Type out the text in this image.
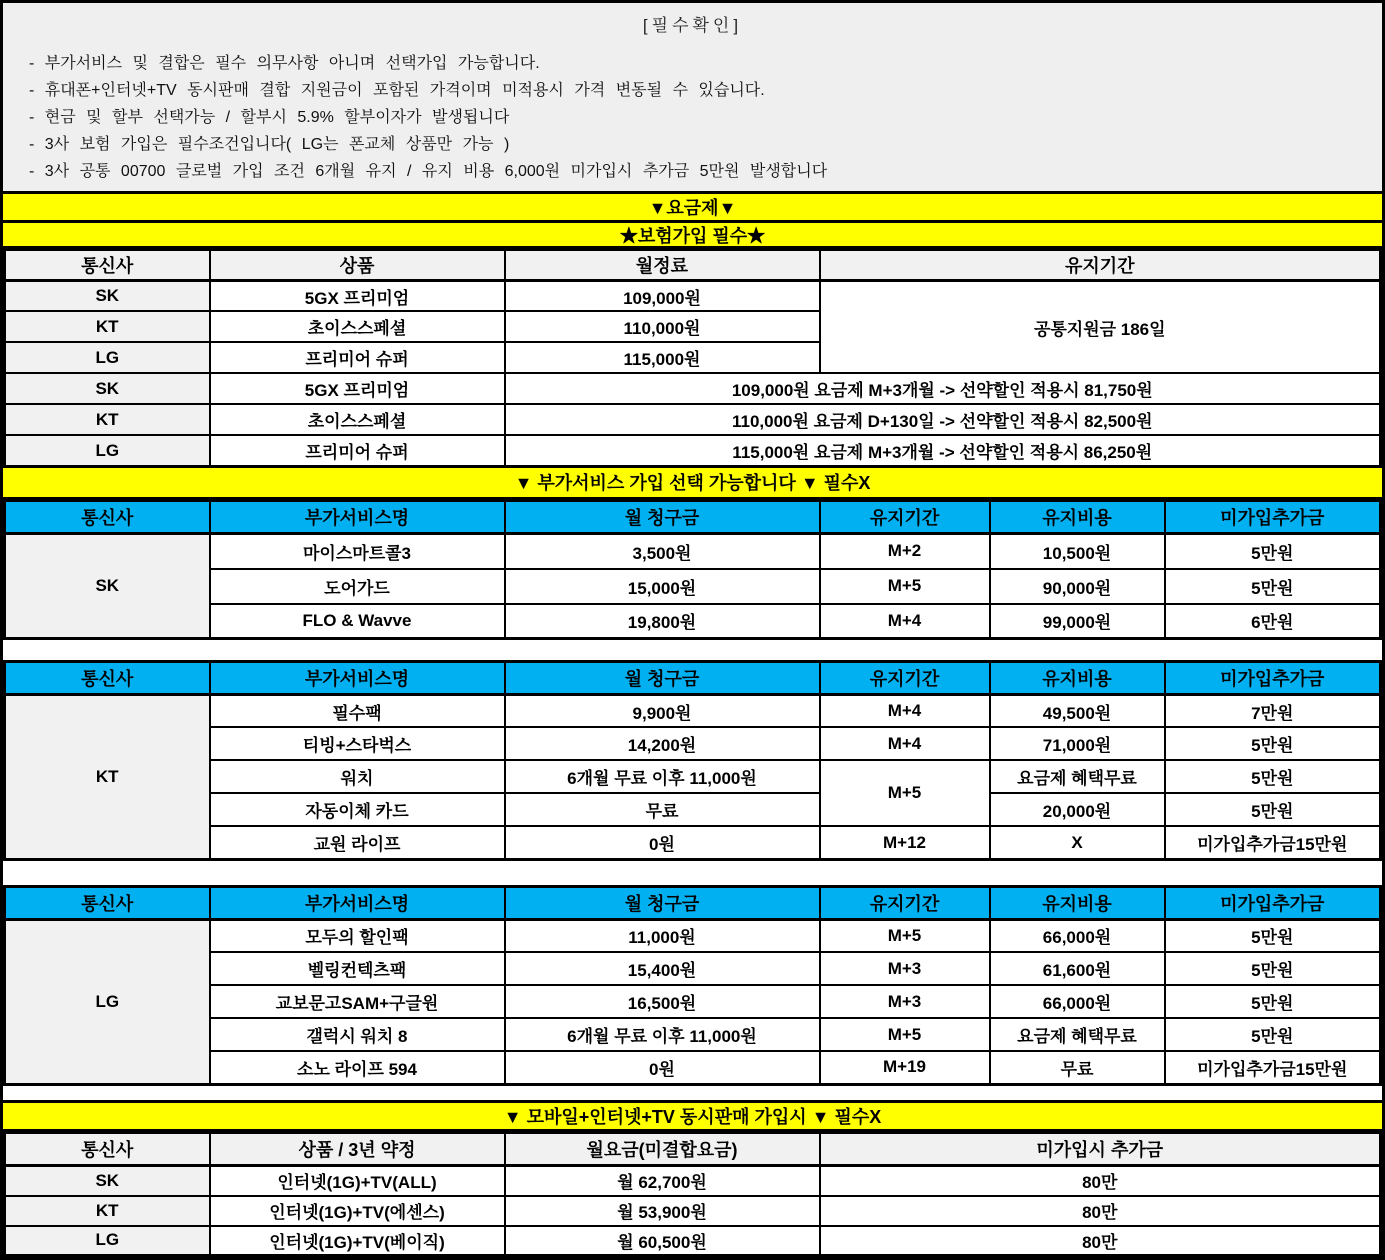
[필수확인]
- 부가서비스 및 결합은 필수 의무사항 아니며 선택가입 가능합니다.
- 휴대폰+인터넷+TV 동시판매 결합 지원금이 포함된 가격이며 미적용시 가격 변동될 수 있습니다.
- 현금 및 할부 선택가능 / 할부시 5.9% 할부이자가 발생됩니다
- 3사 보험 가입은 필수조건입니다( LG는 폰교체 상품만 가능 )
- 3사 공통 00700 글로벌 가입 조건 6개월 유지 / 유지 비용 6,000원 미가입시 추가금 5만원 발생합니다
▼요금제▼
★보험가입 필수★
통신사	상품	월정료	유지기간
SK	5GX 프리미엄	109,000원	공통지원금 186일
KT	초이스스페셜	110,000원	
LG	프리미어 슈퍼	115,000원	
SK	5GX 프리미엄	109,000원 요금제 M+3개월 -> 선약할인 적용시 81,750원	
KT	초이스스페셜	110,000원 요금제 D+130일 -> 선약할인 적용시 82,500원	
LG	프리미어 슈퍼	115,000원 요금제 M+3개월 -> 선약할인 적용시 86,250원	
▼ 부가서비스 가입 선택 가능합니다 ▼ 필수X
통신사	부가서비스명	월 청구금	유지기간	유지비용	미가입추가금
SK	마이스마트콜3	3,500원	M+2	10,500원	5만원
	도어가드	15,000원	M+5	90,000원	5만원
	FLO & Wavve	19,800원	M+4	99,000원	6만원
통신사	부가서비스명	월 청구금	유지기간	유지비용	미가입추가금
KT	필수팩	9,900원	M+4	49,500원	7만원
	티빙+스타벅스	14,200원	M+4	71,000원	5만원
	워치	6개월 무료 이후 11,000원	M+5	요금제 혜택무료	5만원
	자동이체 카드	무료		20,000원	5만원
	교원 라이프	0원	M+12	X	미가입추가금15만원
통신사	부가서비스명	월 청구금	유지기간	유지비용	미가입추가금
LG	모두의 할인팩	11,000원	M+5	66,000원	5만원
	벨링컨텍츠팩	15,400원	M+3	61,600원	5만원
	교보문고SAM+구글원	16,500원	M+3	66,000원	5만원
	갤럭시 워치 8	6개월 무료 이후 11,000원	M+5	요금제 혜택무료	5만원
	소노 라이프 594	0원	M+19	무료	미가입추가금15만원
▼ 모바일+인터넷+TV 동시판매 가입시 ▼ 필수X
통신사	상품 / 3년 약정	월요금(미결합요금)	미가입시 추가금
SK	인터넷(1G)+TV(ALL)	월 62,700원	80만
KT	인터넷(1G)+TV(에센스)	월 53,900원	80만
LG	인터넷(1G)+TV(베이직)	월 60,500원	80만
